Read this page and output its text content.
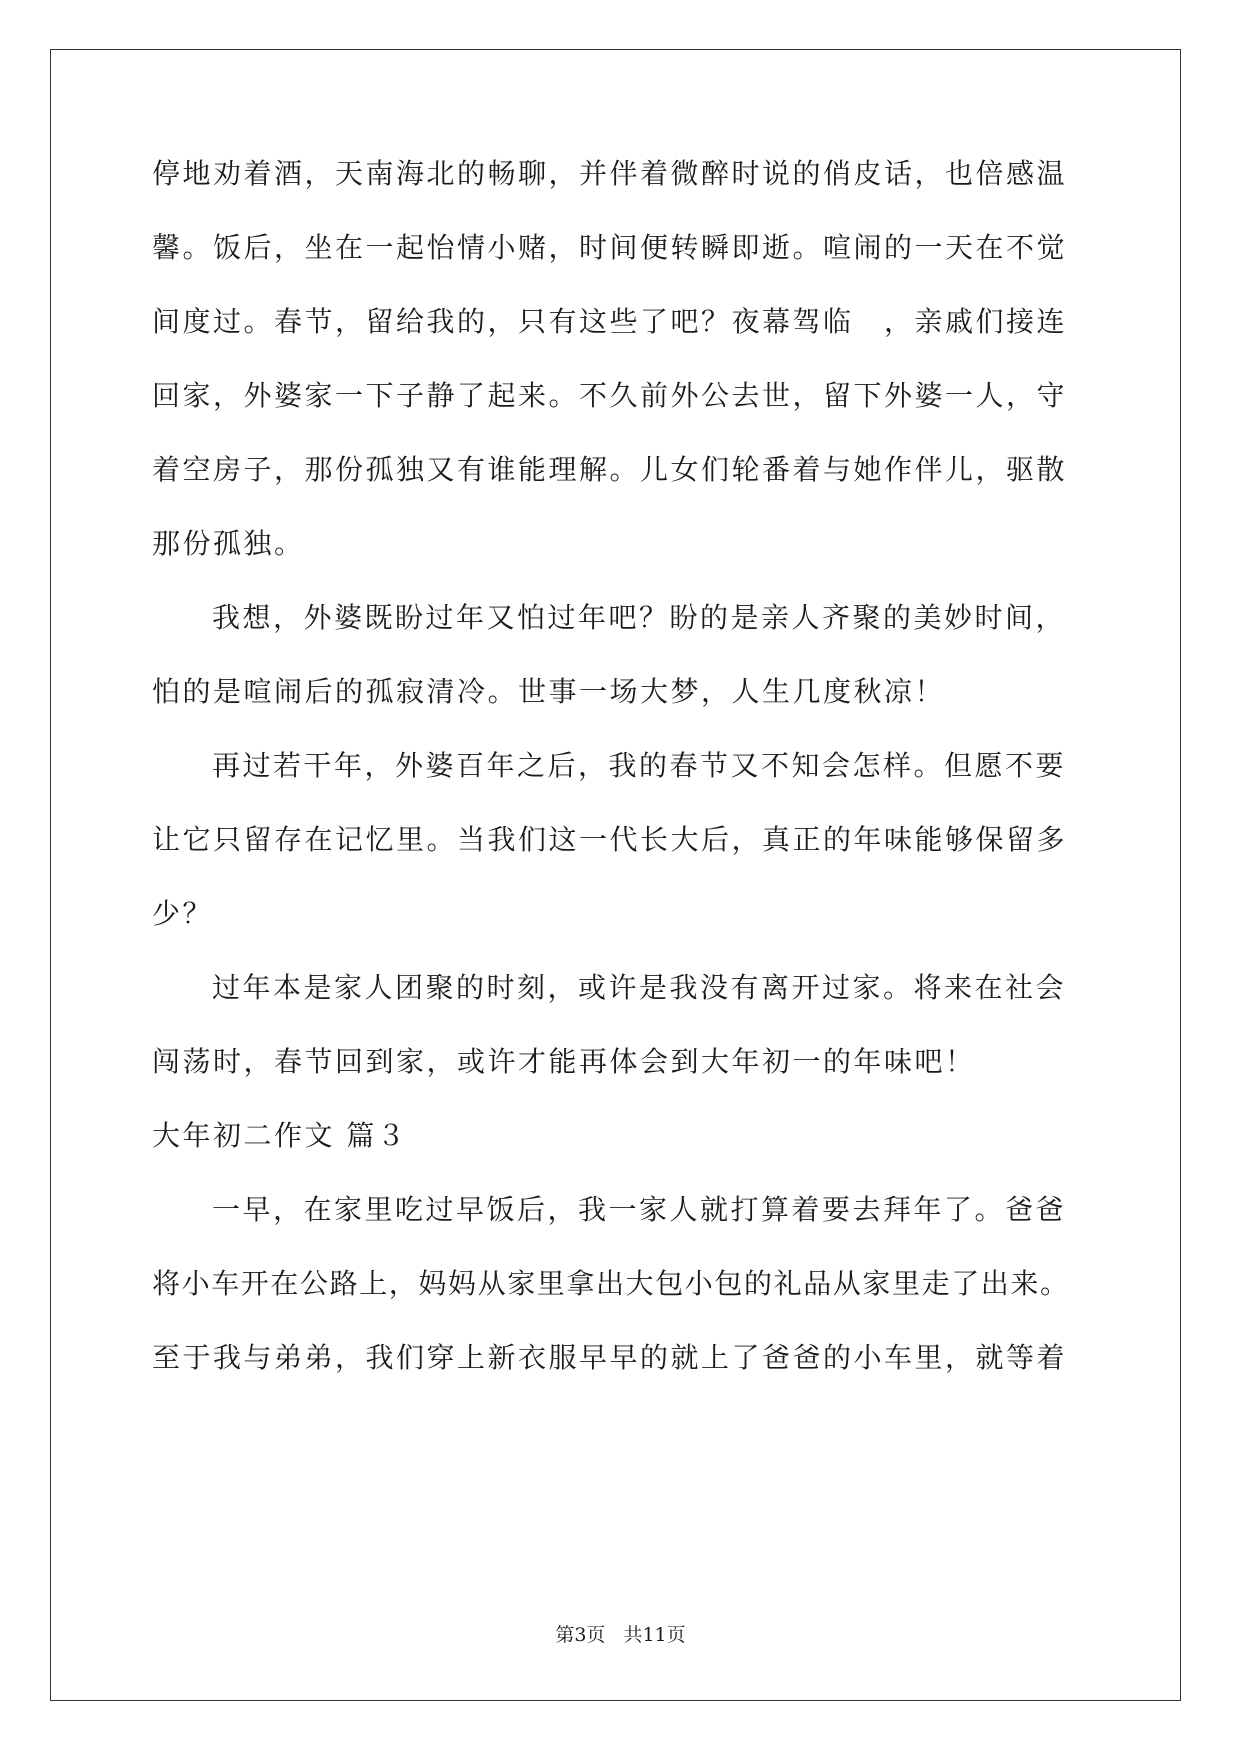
停地劝着酒，天南海北的畅聊，并伴着微醉时说的俏皮话，也倍感温
馨。饭后，坐在一起怡情小赌，时间便转瞬即逝。喧闹的一天在不觉
间度过。春节，留给我的，只有这些了吧？夜幕驾临　，亲戚们接连
回家，外婆家一下子静了起来。不久前外公去世，留下外婆一人，守
着空房子，那份孤独又有谁能理解。儿女们轮番着与她作伴儿，驱散
那份孤独。
我想，外婆既盼过年又怕过年吧？盼的是亲人齐聚的美妙时间，
怕的是喧闹后的孤寂清冷。世事一场大梦，人生几度秋凉！
再过若干年，外婆百年之后，我的春节又不知会怎样。但愿不要
让它只留存在记忆里。当我们这一代长大后，真正的年味能够保留多
少？
过年本是家人团聚的时刻，或许是我没有离开过家。将来在社会
闯荡时，春节回到家，或许才能再体会到大年初一的年味吧！
大年初二作文 篇３
一早，在家里吃过早饭后，我一家人就打算着要去拜年了。爸爸
将小车开在公路上，妈妈从家里拿出大包小包的礼品从家里走了出来。
至于我与弟弟，我们穿上新衣服早早的就上了爸爸的小车里，就等着
第3页 共11页
